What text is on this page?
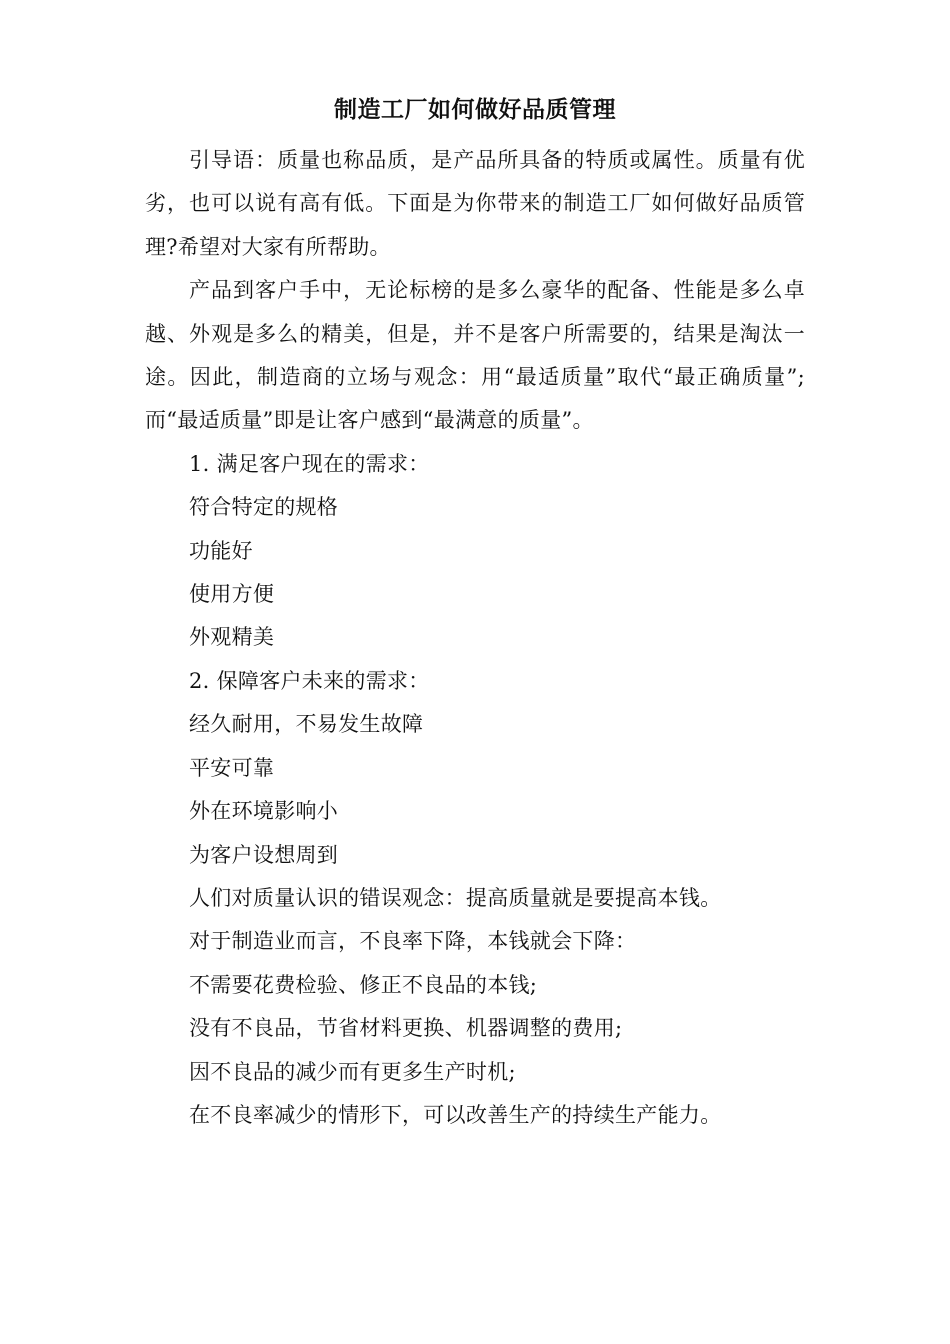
制造工厂如何做好品质管理

引导语：质量也称品质，是产品所具备的特质或属性。质量有优劣，也可以说有高有低。下面是为你带来的制造工厂如何做好品质管理?希望对大家有所帮助。

产品到客户手中，无论标榜的是多么豪华的配备、性能是多么卓越、外观是多么的精美，但是，并不是客户所需要的，结果是淘汰一途。因此，制造商的立场与观念：用“最适质量”取代“最正确质量”;而“最适质量”即是让客户感到“最满意的质量”。

1. 满足客户现在的需求：

符合特定的规格

功能好

使用方便

外观精美

2. 保障客户未来的需求：

经久耐用，不易发生故障

平安可靠

外在环境影响小

为客户设想周到

人们对质量认识的错误观念：提高质量就是要提高本钱。

对于制造业而言，不良率下降，本钱就会下降：

不需要花费检验、修正不良品的本钱;

没有不良品，节省材料更换、机器调整的费用;

因不良品的减少而有更多生产时机;

在不良率减少的情形下，可以改善生产的持续生产能力。
